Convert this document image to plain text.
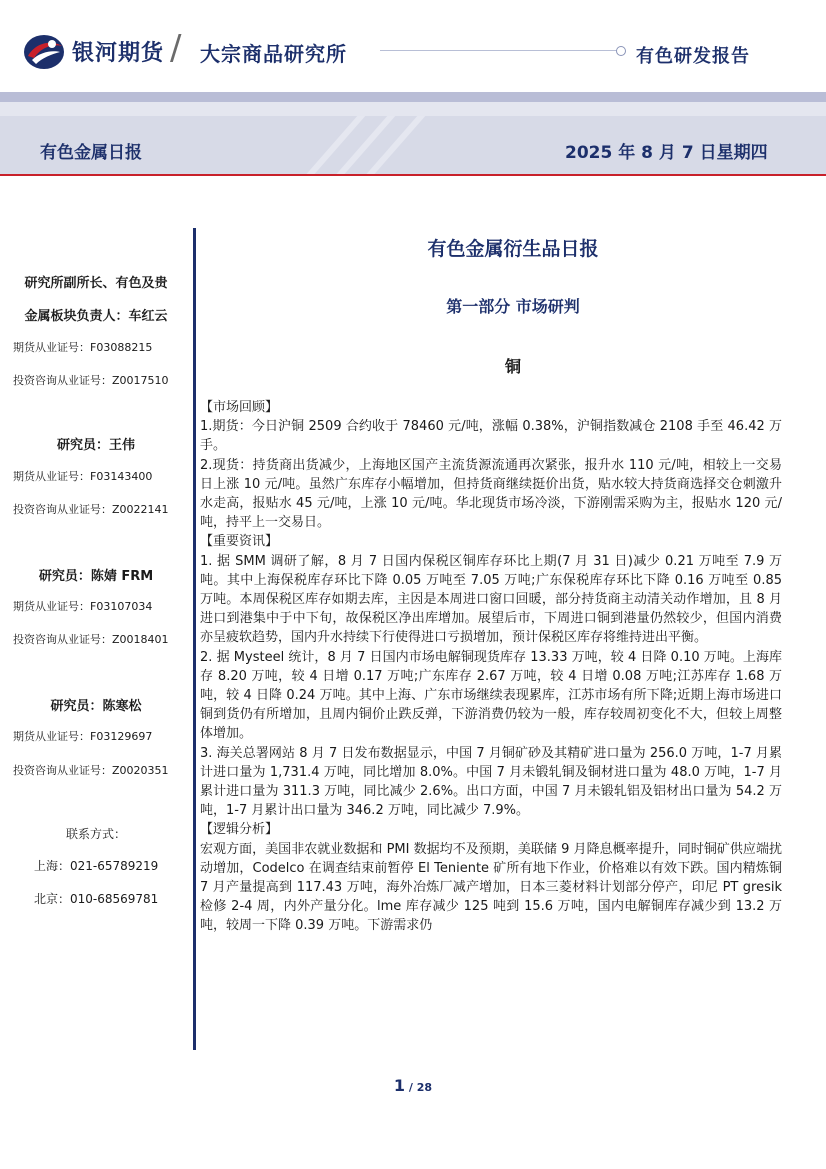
银河期货 / 大宗商品研究所	有色研发报告
有色金属日报	2025 年 8 月 7 日星期四
研究所副所长、有色及贵
金属板块负责人：车红云
期货从业证号：F03088215
投资咨询从业证号：Z0017510
研究员：王伟
期货从业证号：F03143400
投资咨询从业证号：Z0022141
研究员：陈婧 FRM
期货从业证号：F03107034
投资咨询从业证号：Z0018401
研究员：陈寒松
期货从业证号：F03129697
投资咨询从业证号：Z0020351
联系方式：
上海：021-65789219
北京：010-68569781
有色金属衍生品日报
第一部分 市场研判
铜

【市场回顾】

1.期货：今日沪铜 2509 合约收于 78460 元/吨，涨幅 0.38%，沪铜指数减仓 2108 手至 46.42 万手。

2.现货：持货商出货减少，上海地区国产主流货源流通再次紧张，报升水 110 元/吨，相较上一交易日上涨 10 元/吨。虽然广东库存小幅增加，但持货商继续挺价出货，贴水较大持货商选择交仓刺激升水走高，报贴水 45 元/吨，上涨 10 元/吨。华北现货市场冷淡，下游刚需采购为主，报贴水 120 元/吨，持平上一交易日。

【重要资讯】

1. 据 SMM 调研了解，8 月 7 日国内保税区铜库存环比上期(7 月 31 日)减少 0.21 万吨至 7.9 万吨。其中上海保税库存环比下降 0.05 万吨至 7.05 万吨;广东保税库存环比下降 0.16 万吨至 0.85 万吨。本周保税区库存如期去库，主因是本周进口窗口回暖，部分持货商主动清关动作增加，且 8 月进口到港集中于中下旬，故保税区净出库增加。展望后市，下周进口铜到港量仍然较少，但国内消费亦呈疲软趋势，国内升水持续下行使得进口亏损增加，预计保税区库存将维持进出平衡。

2. 据 Mysteel 统计，8 月 7 日国内市场电解铜现货库存 13.33 万吨，较 4 日降 0.10 万吨。上海库存 8.20 万吨，较 4 日增 0.17 万吨;广东库存 2.67 万吨，较 4 日增 0.08 万吨;江苏库存 1.68 万吨，较 4 日降 0.24 万吨。其中上海、广东市场继续表现累库，江苏市场有所下降;近期上海市场进口铜到货仍有所增加，且周内铜价止跌反弹，下游消费仍较为一般，库存较周初变化不大，但较上周整体增加。

3. 海关总署网站 8 月 7 日发布数据显示，中国 7 月铜矿砂及其精矿进口量为 256.0 万吨，1-7 月累计进口量为 1,731.4 万吨，同比增加 8.0%。中国 7 月未锻轧铜及铜材进口量为 48.0 万吨，1-7 月累计进口量为 311.3 万吨，同比减少 2.6%。出口方面，中国 7 月未锻轧铝及铝材出口量为 54.2 万吨，1-7 月累计出口量为 346.2 万吨，同比减少 7.9%。

【逻辑分析】

宏观方面，美国非农就业数据和 PMI 数据均不及预期，美联储 9 月降息概率提升，同时铜矿供应端扰动增加，Codelco 在调查结束前暂停 El Teniente 矿所有地下作业，价格难以有效下跌。国内精炼铜 7 月产量提高到 117.43 万吨，海外冶炼厂减产增加，日本三菱材料计划部分停产，印尼 PT gresik 检修 2-4 周，内外产量分化。lme 库存减少 125 吨到 15.6 万吨，国内电解铜库存减少到 13.2 万吨，较周一下降 0.39 万吨。下游需求仍

1 / 28
